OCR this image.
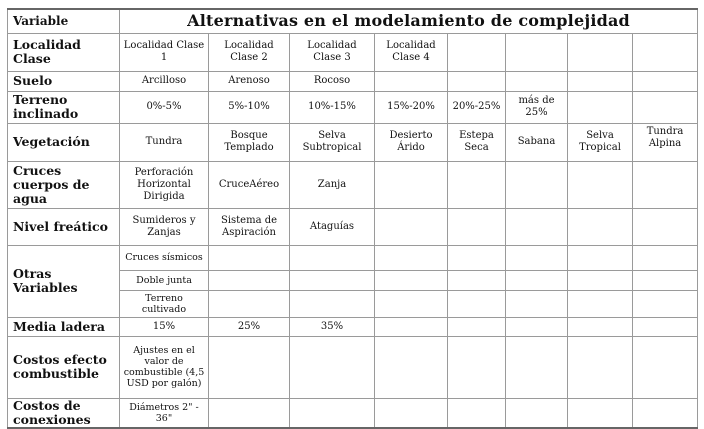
Variable	Alternativas en el modelamiento de complejidad							
Localidad Clase	Localidad Clase 1	Localidad Clase 2	Localidad Clase 3	Localidad Clase 4				
Suelo	Arcilloso	Arenoso	Rocoso					
Terreno inclinado	0%-5%	5%-10%	10%-15%	15%-20%	20%-25%	más de 25%		
Vegetación	Tundra	Bosque Templado	Selva Subtropical	Desierto Árido	Estepa Seca	Sabana	Selva Tropical	Tundra Alpina
Cruces cuerpos de agua	Perforación Horizontal Dirigida	CruceAéreo	Zanja					
Nivel freático	Sumideros y Zanjas	Sistema de Aspiración	Ataguías					
Otras Variables	Cruces sísmicos							
	Doble junta							
	Terreno cultivado							
Media ladera	15%	25%	35%					
Costos efecto combustible	Ajustes en el valor de combustible (4,5 USD por galón)							
Costos de conexiones	Diámetros 2" - 36"							
